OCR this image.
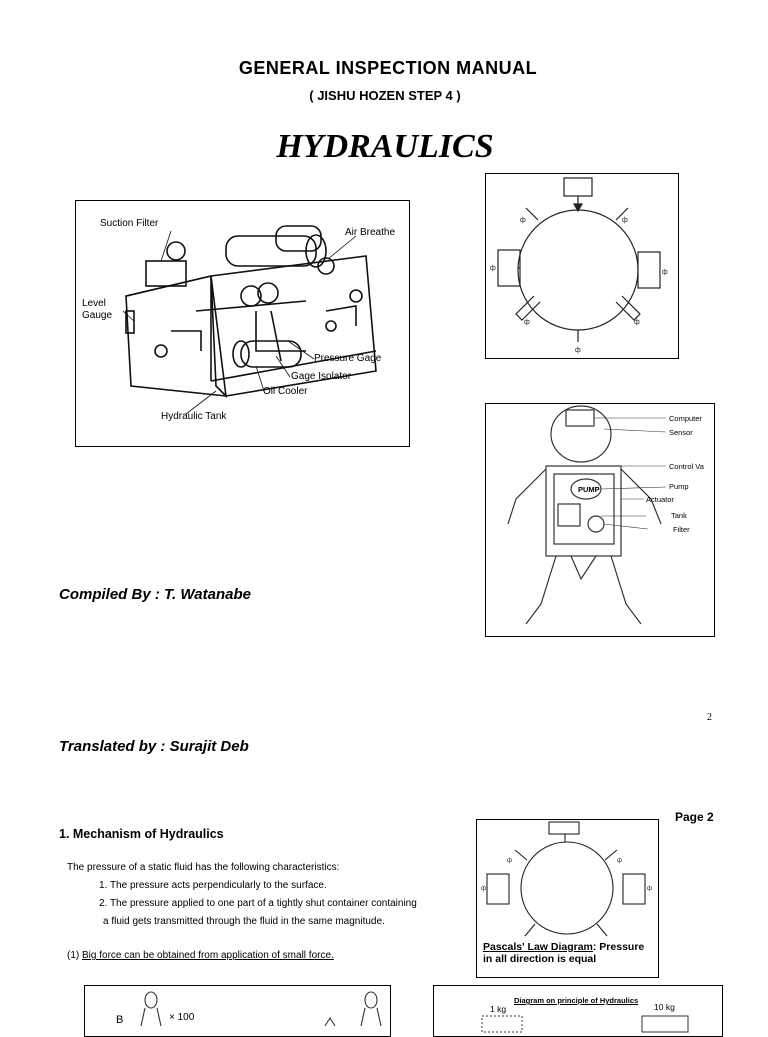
GENERAL INSPECTION MANUAL
( JISHU HOZEN STEP 4 )
HYDRAULICS
Suction Filter
Air Breathe
Level
Gauge
Pressure Gage
Gage Isolator
Oil Cooler
Hydraulic Tank
ф	ф
ф
ф
ф	ф
ф
PUMP
Computer
Sensor
Control Va
Pump
Actuator
Tank
Filter
Compiled By : T. Watanabe
2
Translated by : Surajit Deb
Page 2
1. Mechanism of Hydraulics
The pressure of a static fluid has the following characteristics:
1. The pressure acts perpendicularly to the surface.
2. The pressure applied to one part of a tightly shut container containing
a fluid gets transmitted through the fluid in the same magnitude.
(1) Big force can be obtained from application of small force.
ф	ф
ф	ф
Pascals' Law Diagram: Pressure
in all direction is equal
B	× 100
Diagram on principle of Hydraulics
1 kg	10 kg
